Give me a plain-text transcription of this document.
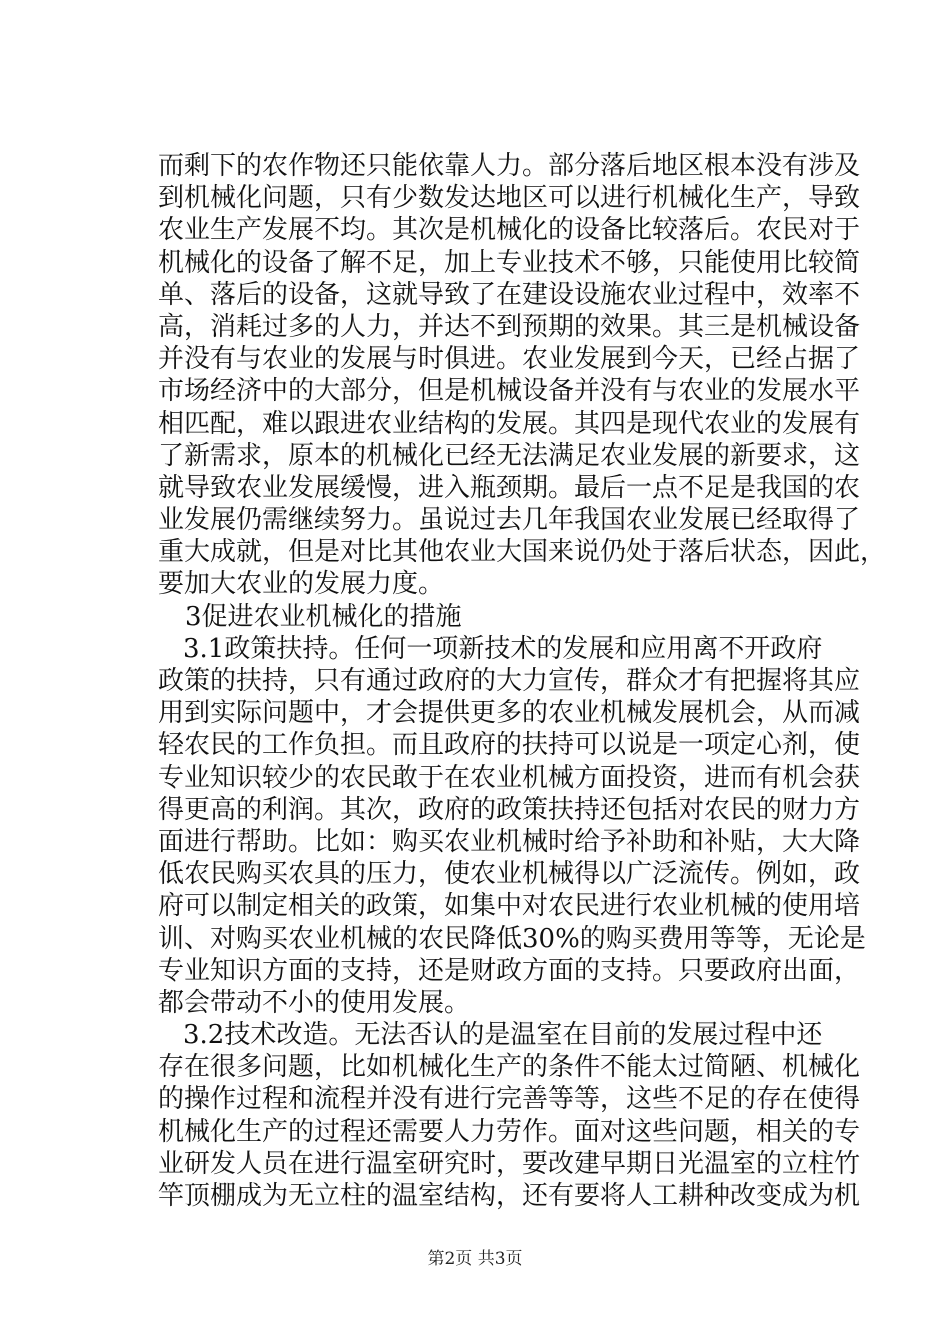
而剩下的农作物还只能依靠人力。部分落后地区根本没有涉及
到机械化问题，只有少数发达地区可以进行机械化生产，导致
农业生产发展不均。其次是机械化的设备比较落后。农民对于
机械化的设备了解不足，加上专业技术不够，只能使用比较简
单、落后的设备，这就导致了在建设设施农业过程中，效率不
高，消耗过多的人力，并达不到预期的效果。其三是机械设备
并没有与农业的发展与时俱进。农业发展到今天，已经占据了
市场经济中的大部分，但是机械设备并没有与农业的发展水平
相匹配，难以跟进农业结构的发展。其四是现代农业的发展有
了新需求，原本的机械化已经无法满足农业发展的新要求，这
就导致农业发展缓慢，进入瓶颈期。最后一点不足是我国的农
业发展仍需继续努力。虽说过去几年我国农业发展已经取得了
重大成就，但是对比其他农业大国来说仍处于落后状态，因此，
要加大农业的发展力度。
3促进农业机械化的措施
3.1政策扶持。任何一项新技术的发展和应用离不开政府
政策的扶持，只有通过政府的大力宣传，群众才有把握将其应
用到实际问题中，才会提供更多的农业机械发展机会，从而减
轻农民的工作负担。而且政府的扶持可以说是一项定心剂，使
专业知识较少的农民敢于在农业机械方面投资，进而有机会获
得更高的利润。其次，政府的政策扶持还包括对农民的财力方
面进行帮助。比如：购买农业机械时给予补助和补贴，大大降
低农民购买农具的压力，使农业机械得以广泛流传。例如，政
府可以制定相关的政策，如集中对农民进行农业机械的使用培
训、对购买农业机械的农民降低30%的购买费用等等，无论是
专业知识方面的支持，还是财政方面的支持。只要政府出面，
都会带动不小的使用发展。
3.2技术改造。无法否认的是温室在目前的发展过程中还
存在很多问题，比如机械化生产的条件不能太过简陋、机械化
的操作过程和流程并没有进行完善等等，这些不足的存在使得
机械化生产的过程还需要人力劳作。面对这些问题，相关的专
业研发人员在进行温室研究时，要改建早期日光温室的立柱竹
竿顶棚成为无立柱的温室结构，还有要将人工耕种改变成为机
第2页 共3页
